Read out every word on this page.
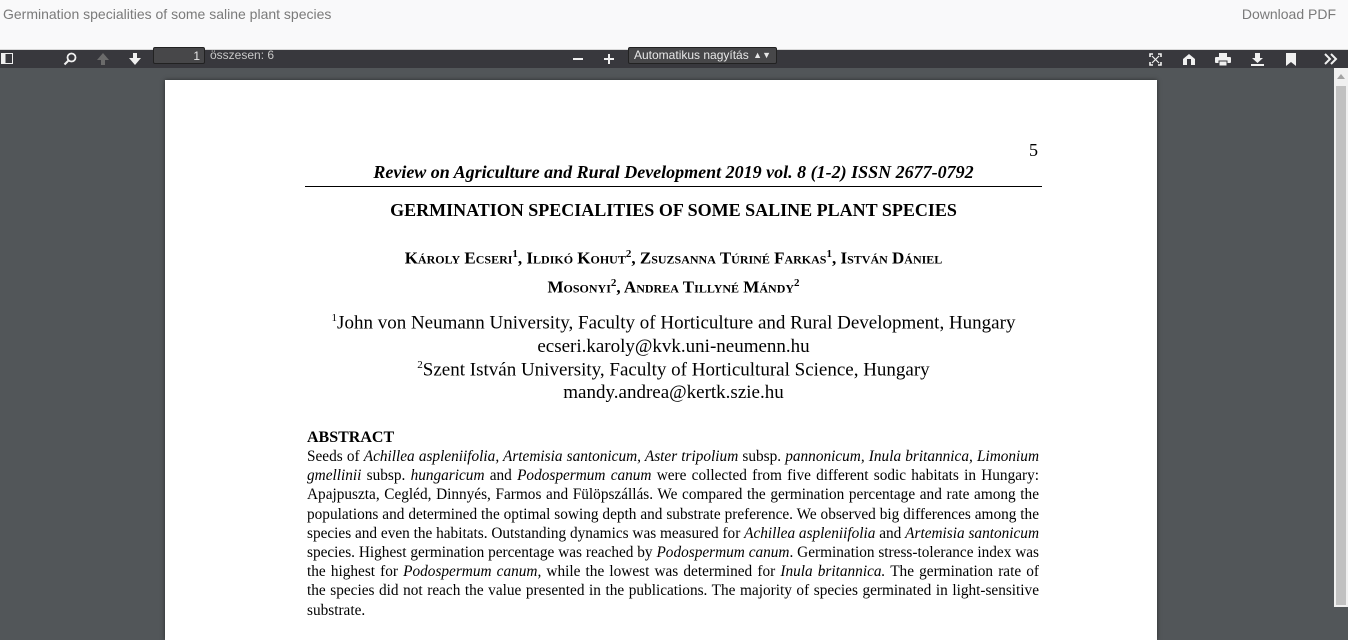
Germination specialities of some saline plant species	Download PDF
1
összesen: 6	Automatikus nagyítás ▲▼
5
Review on Agriculture and Rural Development 2019 vol. 8 (1-2) ISSN 2677-0792
GERMINATION SPECIALITIES OF SOME SALINE PLANT SPECIES
Károly Ecseri$^1$, Ildikó Kohut$^2$, Zsuzsanna Túriné Farkas$^1$, István Dániel
Mosonyi$^2$, Andrea Tillyné Mándy$^2$
$^1$John von Neumann University, Faculty of Horticulture and Rural Development, Hungary
ecseri.karoly@kvk.uni-neumenn.hu
$^2$Szent István University, Faculty of Horticultural Science, Hungary
mandy.andrea@kertk.szie.hu
ABSTRACT
Seeds of Achillea aspleniifolia, Artemisia santonicum, Aster tripolium subsp. pannonicum, Inula britannica, Limonium gmellinii subsp. hungaricum and Podospermum canum were collected from five different sodic habitats in Hungary: Apajpuszta, Cegléd, Dinnyés, Farmos and Fülöpszállás. We compared the germination percentage and rate among the populations and determined the optimal sowing depth and substrate preference. We observed big differences among the species and even the habitats. Outstanding dynamics was measured for Achillea aspleniifolia and Artemisia santonicum species. Highest germination percentage was reached by Podospermum canum. Germination stress-tolerance index was the highest for Podospermum canum, while the lowest was determined for Inula britannica. The germination rate of the species did not reach the value presented in the publications. The majority of species germinated in light-sensitive substrate.
